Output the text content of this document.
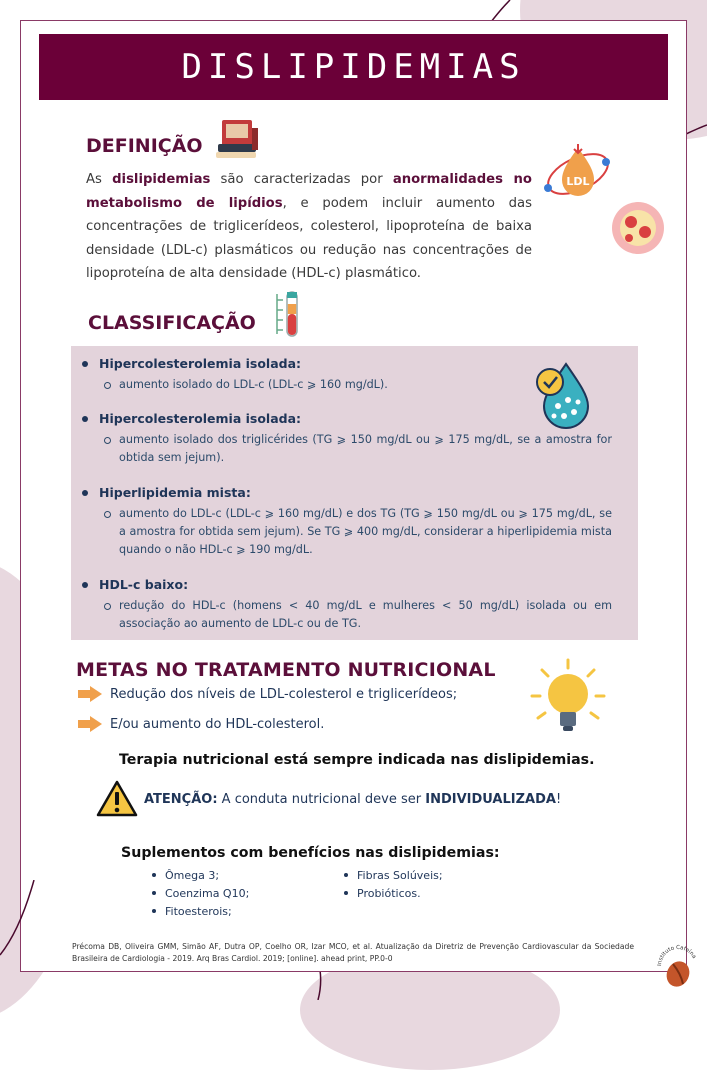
DISLIPIDEMIAS
DEFINIÇÃO

As dislipidemias são caracterizadas por anormalidades no metabolismo de lipídios, e podem incluir aumento das concentrações de triglicerídeos, colesterol, lipoproteína de baixa densidade (LDL-c) plasmáticos ou redução nas concentrações de lipoproteína de alta densidade (HDL-c) plasmático.

LDL
CLASSIFICAÇÃO
Hipercolesterolemia isolada:
aumento isolado do LDL-c (LDL-c ⩾ 160 mg/dL).
Hipercolesterolemia isolada:
aumento isolado dos triglicérides (TG ⩾ 150 mg/dL ou ⩾ 175 mg/dL, se a amostra for obtida sem jejum).
Hiperlipidemia mista:
aumento do LDL-c (LDL-c ⩾ 160 mg/dL) e dos TG (TG ⩾ 150 mg/dL ou ⩾ 175 mg/dL, se a amostra for obtida sem jejum). Se TG ⩾ 400 mg/dL, considerar a hiperlipidemia mista quando o não HDL-c ⩾ 190 mg/dL.
HDL-c baixo:
redução do HDL-c (homens < 40 mg/dL e mulheres < 50 mg/dL) isolada ou em associação ao aumento de LDL-c ou de TG.
METAS NO TRATAMENTO NUTRICIONAL
Redução dos níveis de LDL-colesterol e triglicerídeos;
E/ou aumento do HDL-colesterol.

Terapia nutricional está sempre indicada nas dislipidemias.

ATENÇÃO: A conduta nutricional deve ser INDIVIDUALIZADA!

Suplementos com benefícios nas dislipidemias:

Ômega 3;
Coenzima Q10;
Fitoesterois;
Fibras Solúveis;
Probióticos.

Précoma DB, Oliveira GMM, Simão AF, Dutra OP, Coelho OR, Izar MCO, et al. Atualização da Diretriz de Prevenção Cardiovascular da Sociedade Brasileira de Cardiologia - 2019. Arq Bras Cardiol. 2019; [online]. ahead print, PP.0-0

Instituto Cafeína
